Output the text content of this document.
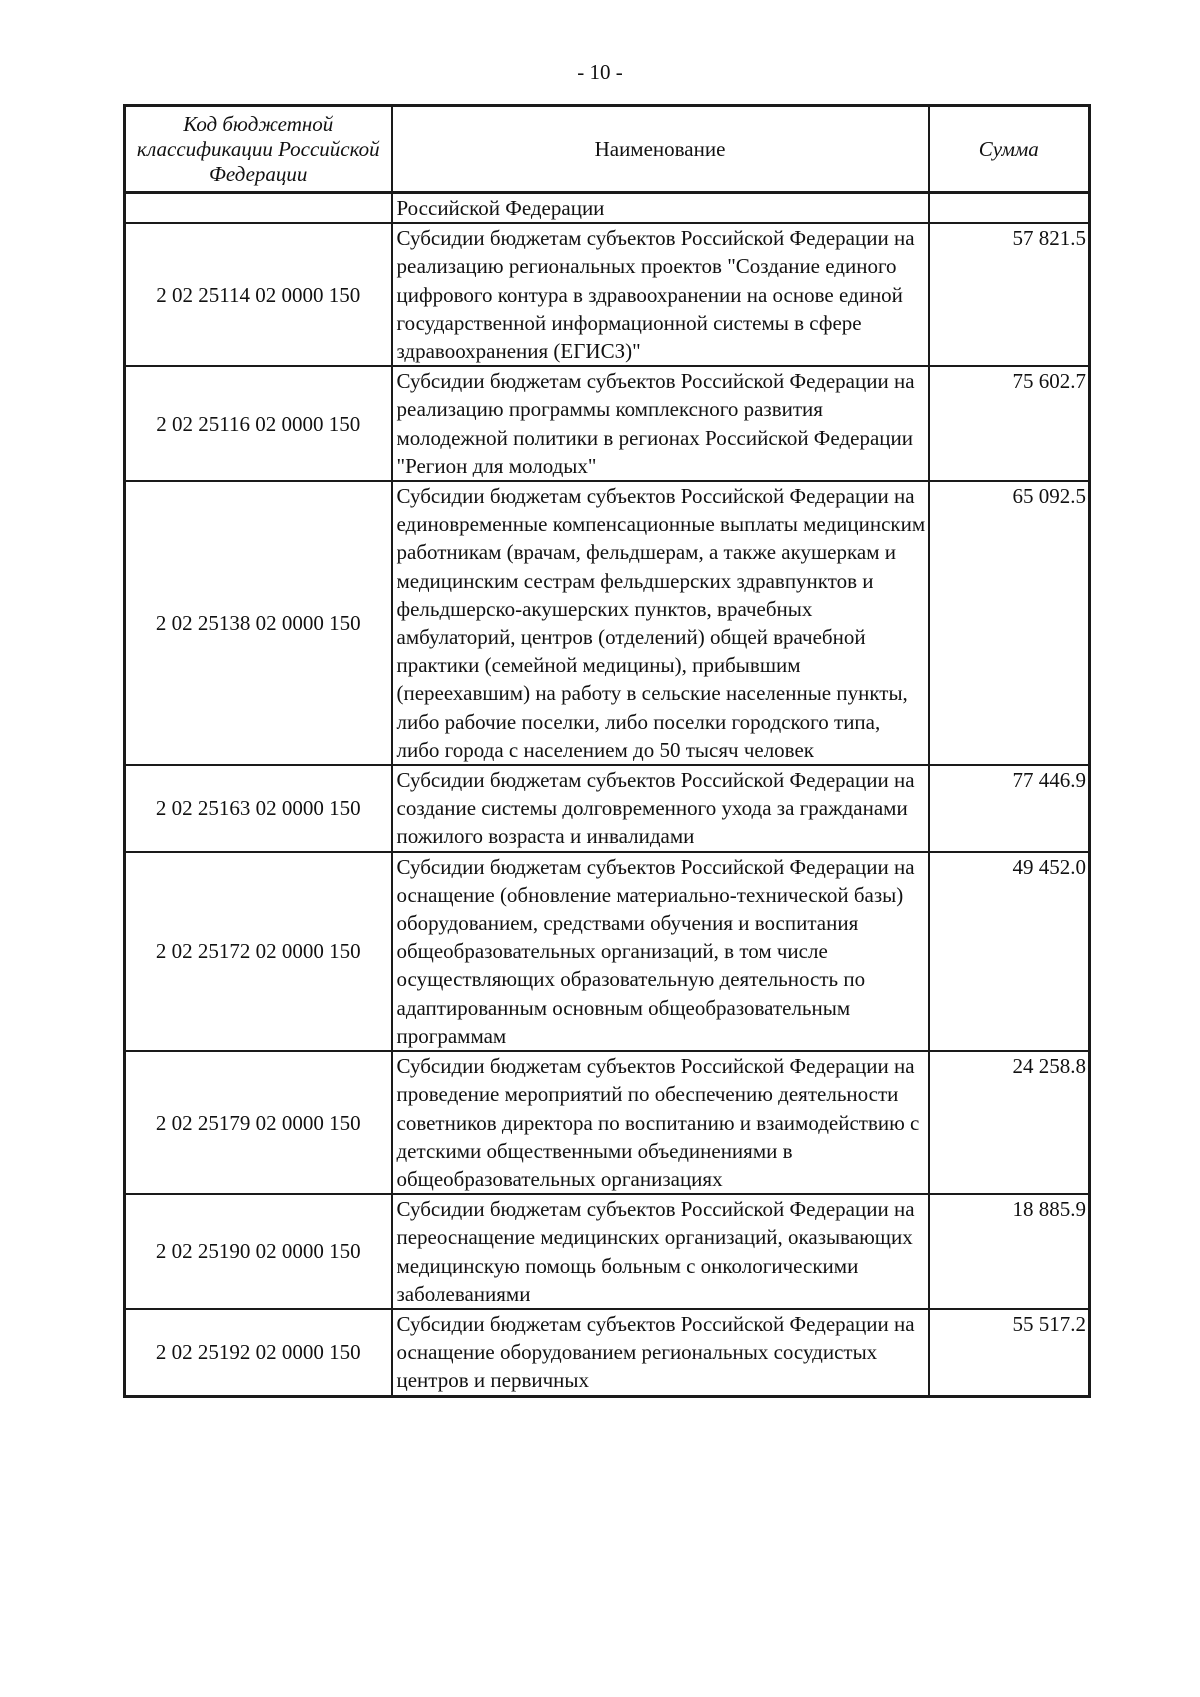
- 10 -
Код бюджетной классификации Российской Федерации	Наименование	Сумма
	Российской Федерации	
2 02 25114 02 0000 150	Субсидии бюджетам субъектов Российской Федерации на реализацию региональных проектов "Создание единого цифрового контура в здравоохранении на основе единой государственной информационной системы в сфере здравоохранения (ЕГИСЗ)"	57 821.5
2 02 25116 02 0000 150	Субсидии бюджетам субъектов Российской Федерации на реализацию программы комплексного развития молодежной политики в регионах Российской Федерации "Регион для молодых"	75 602.7
2 02 25138 02 0000 150	Субсидии бюджетам субъектов Российской Федерации на единовременные компенсационные выплаты медицинским работникам (врачам, фельдшерам, а также акушеркам и медицинским сестрам фельдшерских здравпунктов и фельдшерско-акушерских пунктов, врачебных амбулаторий, центров (отделений) общей врачебной практики (семейной медицины), прибывшим (переехавшим) на работу в сельские населенные пункты, либо рабочие поселки, либо поселки городского типа, либо города с населением до 50 тысяч человек	65 092.5
2 02 25163 02 0000 150	Субсидии бюджетам субъектов Российской Федерации на создание системы долговременного ухода за гражданами пожилого возраста и инвалидами	77 446.9
2 02 25172 02 0000 150	Субсидии бюджетам субъектов Российской Федерации на оснащение (обновление материально-технической базы) оборудованием, средствами обучения и воспитания общеобразовательных организаций, в том числе осуществляющих образовательную деятельность по адаптированным основным общеобразовательным программам	49 452.0
2 02 25179 02 0000 150	Субсидии бюджетам субъектов Российской Федерации на проведение мероприятий по обеспечению деятельности советников директора по воспитанию и взаимодействию с детскими общественными объединениями в общеобразовательных организациях	24 258.8
2 02 25190 02 0000 150	Субсидии бюджетам субъектов Российской Федерации на переоснащение медицинских организаций, оказывающих медицинскую помощь больным с онкологическими заболеваниями	18 885.9
2 02 25192 02 0000 150	Субсидии бюджетам субъектов Российской Федерации на оснащение оборудованием региональных сосудистых центров и первичных	55 517.2
